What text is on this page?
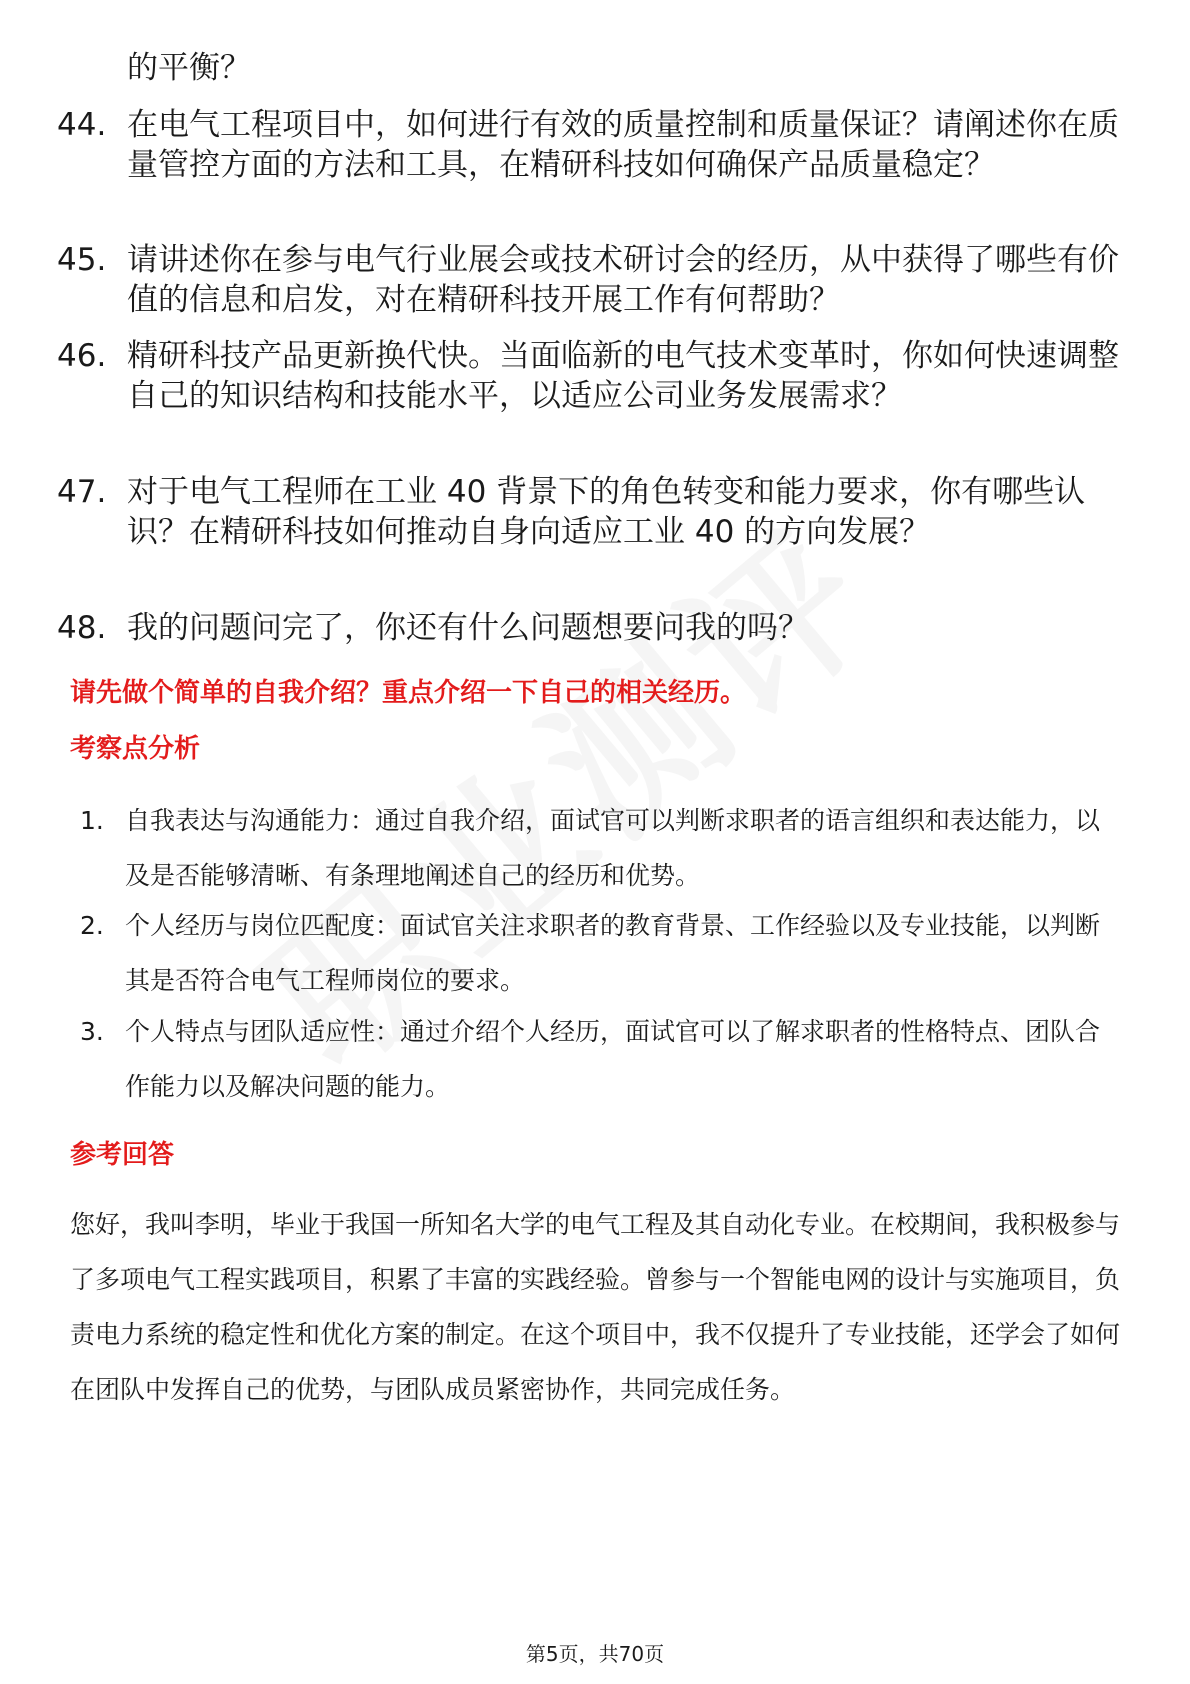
的平衡？
44. 在电气工程项目中，如何进行有效的质量控制和质量保证？请阐述你在质量管控方面的方法和工具，在精研科技如何确保产品质量稳定？
45. 请讲述你在参与电气行业展会或技术研讨会的经历，从中获得了哪些有价值的信息和启发，对在精研科技开展工作有何帮助？
46. 精研科技产品更新换代快。当面临新的电气技术变革时，你如何快速调整自己的知识结构和技能水平，以适应公司业务发展需求？
47. 对于电气工程师在工业 40 背景下的角色转变和能力要求，你有哪些认识？在精研科技如何推动自身向适应工业 40 的方向发展？
48. 我的问题问完了，你还有什么问题想要问我的吗？
请先做个简单的自我介绍？重点介绍一下自己的相关经历。
考察点分析
1. 自我表达与沟通能力：通过自我介绍，面试官可以判断求职者的语言组织和表达能力，以及是否能够清晰、有条理地阐述自己的经历和优势。
2. 个人经历与岗位匹配度：面试官关注求职者的教育背景、工作经验以及专业技能，以判断其是否符合电气工程师岗位的要求。
3. 个人特点与团队适应性：通过介绍个人经历，面试官可以了解求职者的性格特点、团队合作能力以及解决问题的能力。
参考回答
您好，我叫李明，毕业于我国一所知名大学的电气工程及其自动化专业。在校期间，我积极参与了多项电气工程实践项目，积累了丰富的实践经验。曾参与一个智能电网的设计与实施项目，负责电力系统的稳定性和优化方案的制定。在这个项目中，我不仅提升了专业技能，还学会了如何在团队中发挥自己的优势，与团队成员紧密协作，共同完成任务。
第5页，共70页
